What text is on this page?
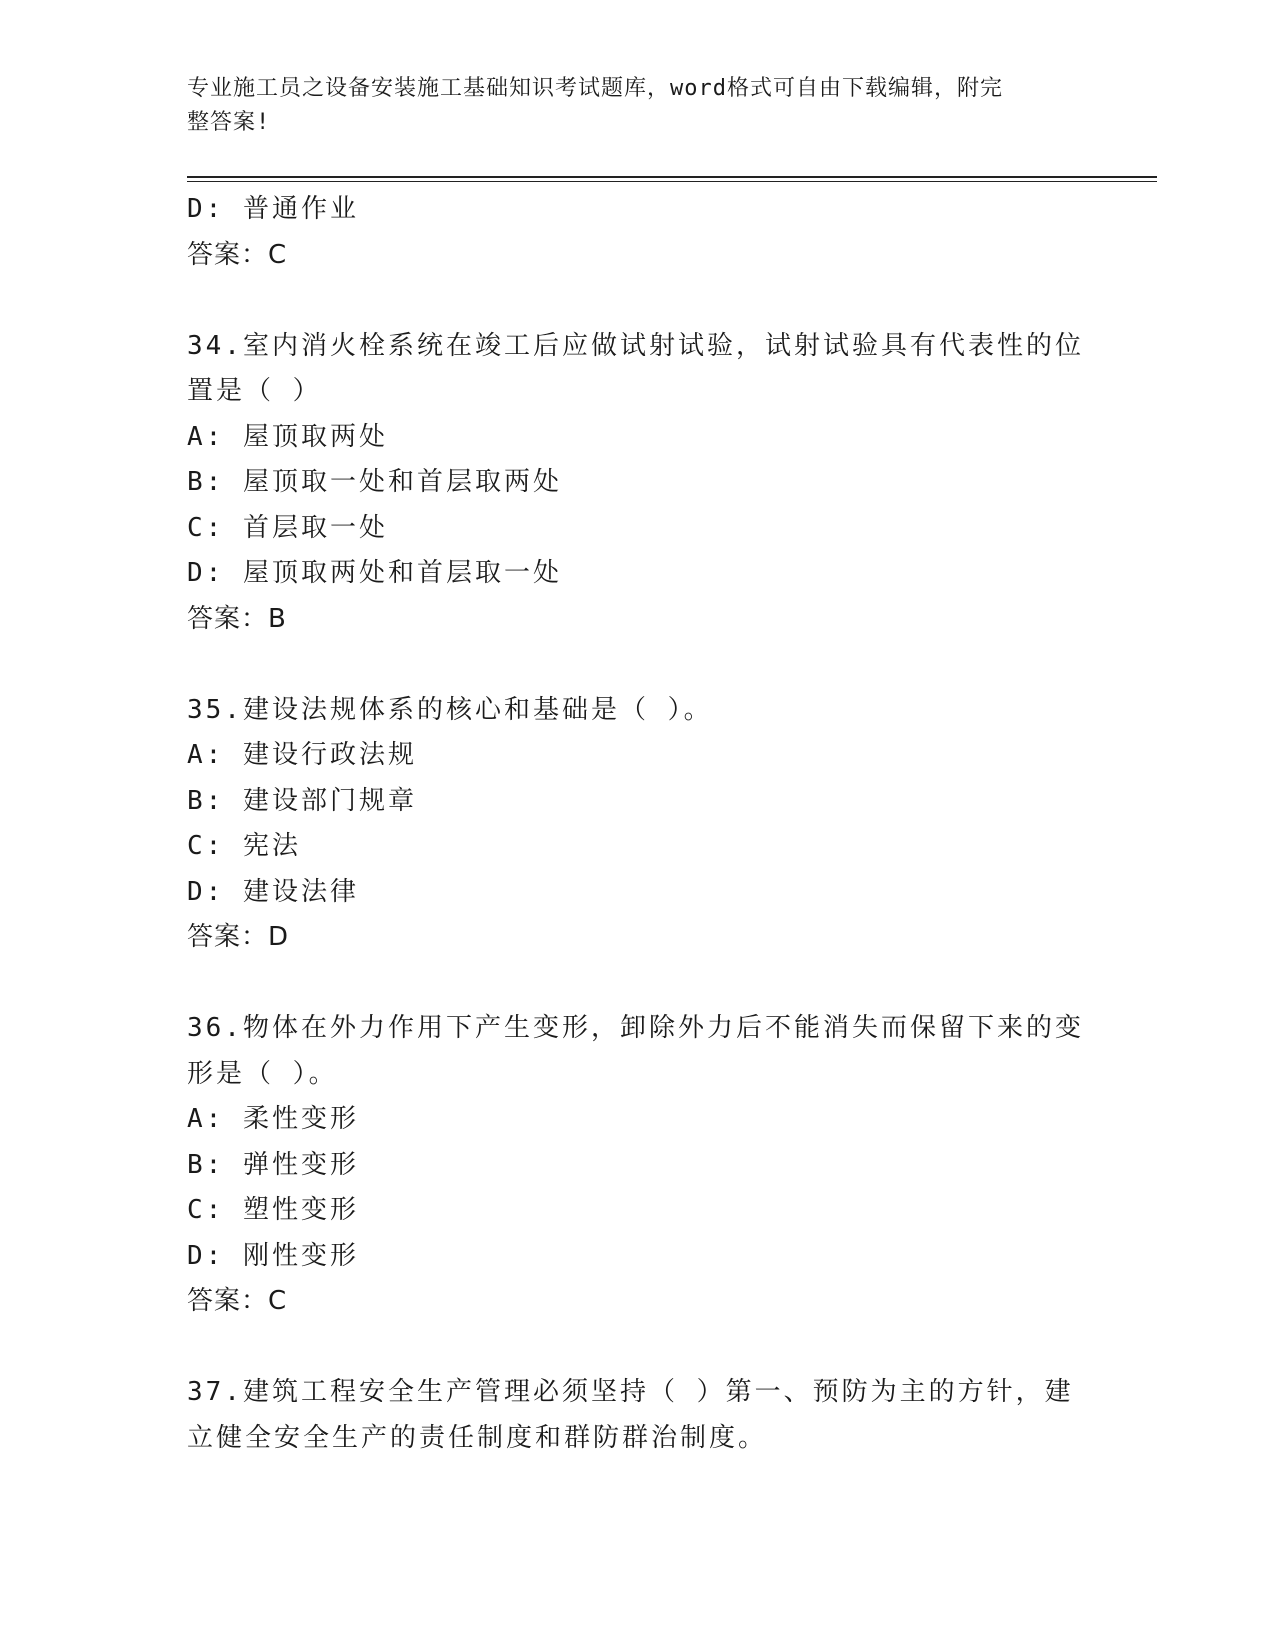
专业施工员之设备安装施工基础知识考试题库，word格式可自由下载编辑，附完
整答案!
D: 普通作业
答案：C
34.室内消火栓系统在竣工后应做试射试验，试射试验具有代表性的位
置是（ ）
A: 屋顶取两处
B: 屋顶取一处和首层取两处
C: 首层取一处
D: 屋顶取两处和首层取一处
答案：B
35.建设法规体系的核心和基础是（ ）。
A: 建设行政法规
B: 建设部门规章
C: 宪法
D: 建设法律
答案：D
36.物体在外力作用下产生变形，卸除外力后不能消失而保留下来的变
形是（ ）。
A: 柔性变形
B: 弹性变形
C: 塑性变形
D: 刚性变形
答案：C
37.建筑工程安全生产管理必须坚持（ ）第一、预防为主的方针，建
立健全安全生产的责任制度和群防群治制度。
